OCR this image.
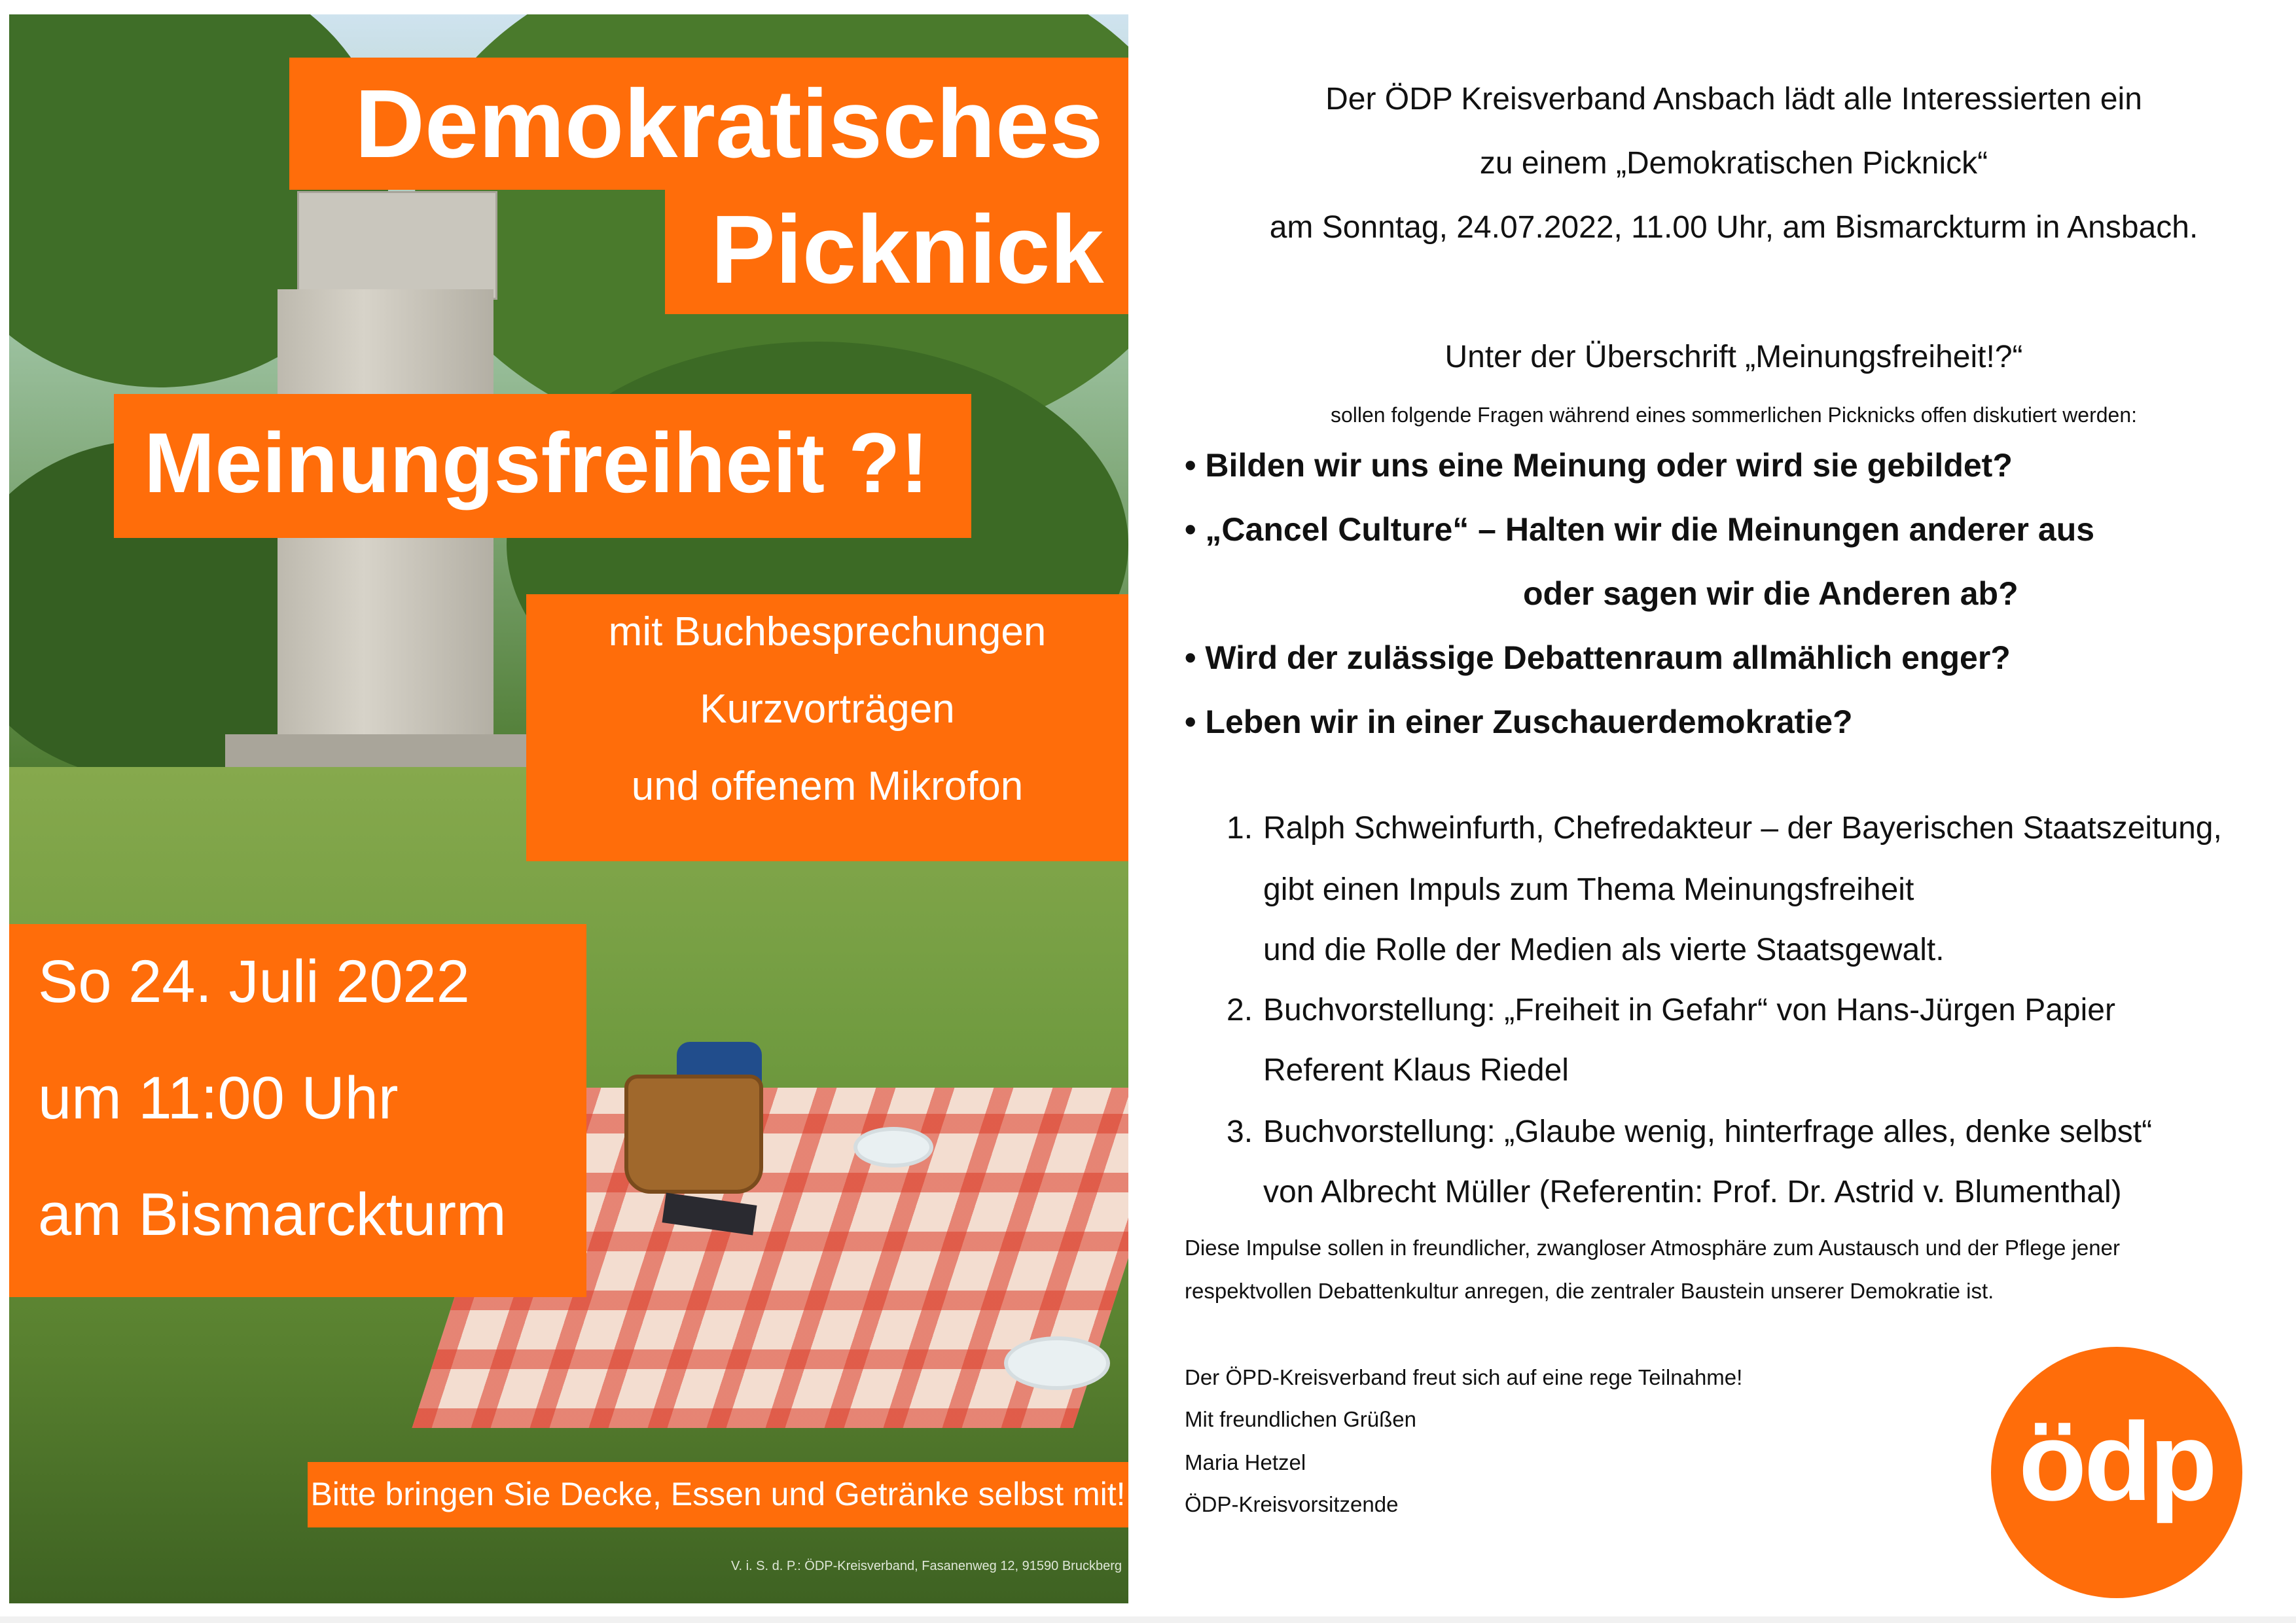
Demokratisches
Picknick
Meinungsfreiheit ?!
mit Buchbesprechungen
Kurzvorträgen
und offenem Mikrofon
So 24. Juli 2022
um 11:00 Uhr
am Bismarckturm
Bitte bringen Sie Decke, Essen und Getränke selbst mit!
V. i. S. d. P.: ÖDP-Kreisverband, Fasanenweg 12, 91590 Bruckberg
Der ÖDP Kreisverband Ansbach lädt alle Interessierten ein
zu einem „Demokratischen Picknick“
am Sonntag, 24.07.2022, 11.00 Uhr, am Bismarckturm in Ansbach.
Unter der Überschrift „Meinungsfreiheit!?“
sollen folgende Fragen während eines sommerlichen Picknicks offen diskutiert werden:
• Bilden wir uns eine Meinung oder wird sie gebildet?
• „Cancel Culture“ – Halten wir die Meinungen anderer aus
oder sagen wir die Anderen ab?
• Wird der zulässige Debattenraum allmählich enger?
• Leben wir in einer Zuschauerdemokratie?
1. Ralph Schweinfurth, Chefredakteur – der Bayerischen Staatszeitung,
gibt einen Impuls zum Thema Meinungsfreiheit
und die Rolle der Medien als vierte Staatsgewalt.
2. Buchvorstellung: „Freiheit in Gefahr“ von Hans-Jürgen Papier
Referent Klaus Riedel
3. Buchvorstellung: „Glaube wenig, hinterfrage alles, denke selbst“
von Albrecht Müller (Referentin: Prof. Dr. Astrid v. Blumenthal)
Diese Impulse sollen in freundlicher, zwangloser Atmosphäre zum Austausch und der Pflege jener
respektvollen Debattenkultur anregen, die zentraler Baustein unserer Demokratie ist.
Der ÖPD-Kreisverband freut sich auf eine rege Teilnahme!
Mit freundlichen Grüßen
Maria Hetzel
ÖDP-Kreisvorsitzende	ödp
